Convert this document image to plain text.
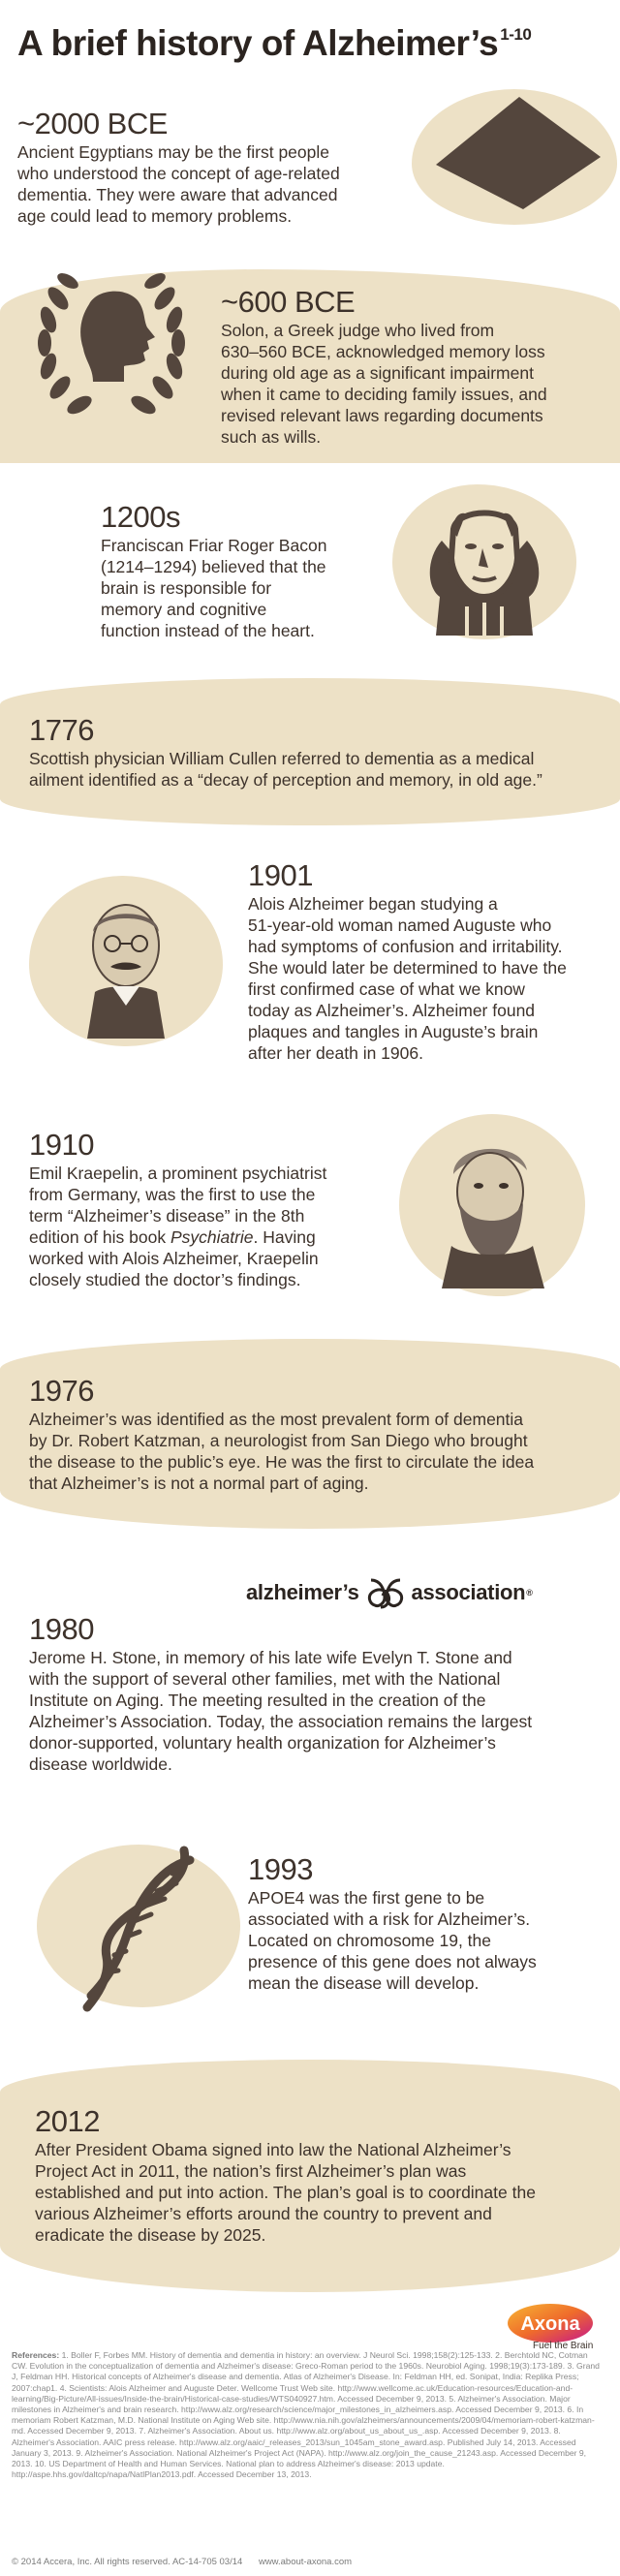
A brief history of Alzheimer’s $^{1-10}$
~2000 BCE
Ancient Egyptians may be the first people
who understood the concept of age-related
dementia. They were aware that advanced
age could lead to memory problems.
~600 BCE
Solon, a Greek judge who lived from
630–560 BCE, acknowledged memory loss
during old age as a significant impairment
when it came to deciding family issues, and
revised relevant laws regarding documents
such as wills.
1200s
Franciscan Friar Roger Bacon
(1214–1294) believed that the
brain is responsible for
memory and cognitive
function instead of the heart.
1776
Scottish physician William Cullen referred to dementia as a medical
ailment identified as a “decay of perception and memory, in old age.”
1901
Alois Alzheimer began studying a
51-year-old woman named Auguste who
had symptoms of confusion and irritability.
She would later be determined to have the
first confirmed case of what we know
today as Alzheimer’s. Alzheimer found
plaques and tangles in Auguste’s brain
after her death in 1906.
1910
Emil Kraepelin, a prominent psychiatrist
from Germany, was the first to use the
term “Alzheimer’s disease” in the 8th
edition of his book Psychiatrie. Having
worked with Alois Alzheimer, Kraepelin
closely studied the doctor’s findings.
1976
Alzheimer’s was identified as the most prevalent form of dementia
by Dr. Robert Katzman, a neurologist from San Diego who brought
the disease to the public’s eye. He was the first to circulate the idea
that Alzheimer’s is not a normal part of aging.
alzheimer’s association ®
1980
Jerome H. Stone, in memory of his late wife Evelyn T. Stone and
with the support of several other families, met with the National
Institute on Aging. The meeting resulted in the creation of the
Alzheimer’s Association. Today, the association remains the largest
donor-supported, voluntary health organization for Alzheimer’s
disease worldwide.
1993
APOE4 was the first gene to be
associated with a risk for Alzheimer’s.
Located on chromosome 19, the
presence of this gene does not always
mean the disease will develop.
2012
After President Obama signed into law the National Alzheimer’s
Project Act in 2011, the nation’s first Alzheimer’s plan was
established and put into action. The plan’s goal is to coordinate the
various Alzheimer’s efforts around the country to prevent and
eradicate the disease by 2025.
Axona
Fuel the Brain
References: 1. Boller F, Forbes MM. History of dementia and dementia in history: an overview. J Neurol Sci. 1998;158(2):125-133. 2. Berchtold NC, Cotman CW. Evolution in the conceptualization of dementia and Alzheimer's disease: Greco-Roman period to the 1960s. Neurobiol Aging. 1998;19(3):173-189. 3. Grand J, Feldman HH. Historical concepts of Alzheimer's disease and dementia. Atlas of Alzheimer's Disease. In: Feldman HH, ed. Sonipat, India: Replika Press; 2007:chap1. 4. Scientists: Alois Alzheimer and Auguste Deter. Wellcome Trust Web site. http://www.wellcome.ac.uk/Education-resources/Education-and-learning/Big-Picture/All-issues/Inside-the-brain/Historical-case-studies/WTS040927.htm. Accessed December 9, 2013. 5. Alzheimer's Association. Major milestones in Alzheimer's and brain research. http://www.alz.org/research/science/major_milestones_in_alzheimers.asp. Accessed December 9, 2013. 6. In memoriam Robert Katzman, M.D. National Institute on Aging Web site. http://www.nia.nih.gov/alzheimers/announcements/2009/04/memoriam-robert-katzman-md. Accessed December 9, 2013. 7. Alzheimer's Association. About us. http://www.alz.org/about_us_about_us_.asp. Accessed December 9, 2013. 8. Alzheimer's Association. AAIC press release. http://www.alz.org/aaic/_releases_2013/sun_1045am_stone_award.asp. Published July 14, 2013. Accessed January 3, 2013. 9. Alzheimer's Association. National Alzheimer's Project Act (NAPA). http://www.alz.org/join_the_cause_21243.asp. Accessed December 9, 2013. 10. US Department of Health and Human Services. National plan to address Alzheimer's disease: 2013 update. http://aspe.hhs.gov/daltcp/napa/NatlPlan2013.pdf. Accessed December 13, 2013.
© 2014 Accera, Inc. All rights reserved. AC-14-705 03/14 www.about-axona.com
